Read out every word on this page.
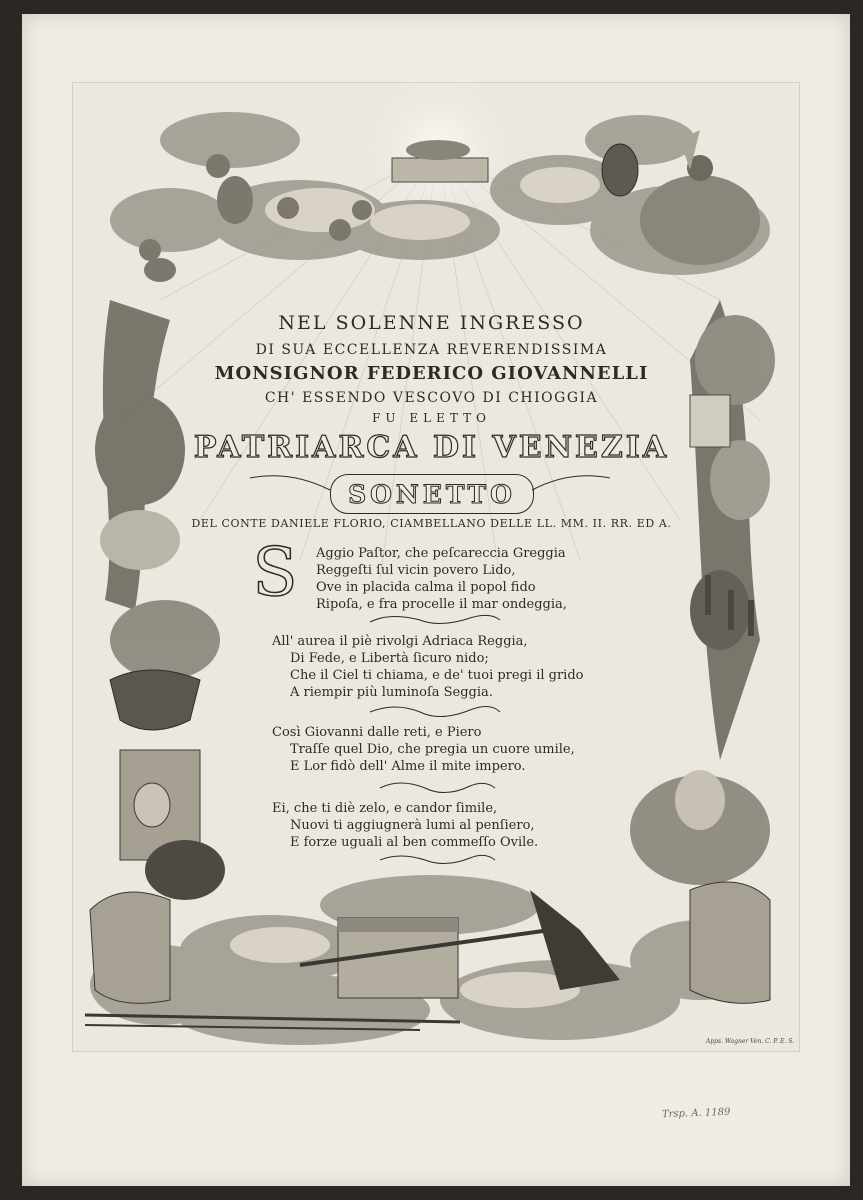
NEL SOLENNE INGRESSO
DI SUA ECCELLENZA REVERENDISSIMA
MONSIGNOR FEDERICO GIOVANNELLI
CH' ESSENDO VESCOVO DI CHIOGGIA
FU ELETTO
PATRIARCA DI VENEZIA
SONETTO
DEL CONTE DANIELE FLORIO, CIAMBELLANO DELLE LL. MM. II. RR. ED A.
S	Aggio Paſtor, che peſcareccia Greggia
Reggeſti ſul vicin povero Lido,
Ove in placida calma il popol fido
Ripoſa, e fra procelle il mar ondeggia,
All' aurea il piè rivolgi Adriaca Reggia,
Di Fede, e Libertà ſicuro nido;
Che il Ciel ti chiama, e de' tuoi pregi il grido
A riempir più luminoſa Seggia.
Così Giovanni dalle reti, e Piero
Traſſe quel Dio, che pregia un cuore umile,
E Lor fidò dell' Alme il mite impero.
Ei, che ti diè zelo, e candor ſimile,
Nuovi ti aggiugnerà lumi al penſiero,
E forze uguali al ben commeſſo Ovile.
Apps. Wagner Ven. C. P. E. S.
Trsp. A. 1189
